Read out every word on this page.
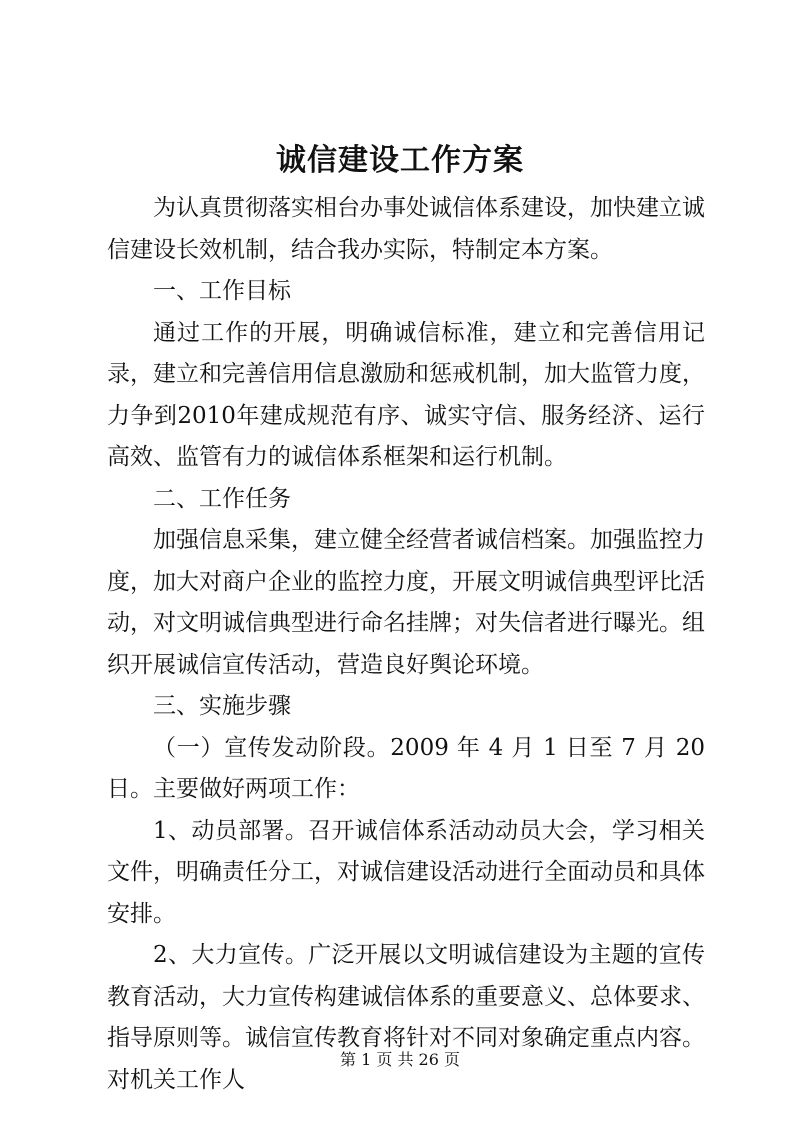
诚信建设工作方案

为认真贯彻落实相台办事处诚信体系建设，加快建立诚信建设长效机制，结合我办实际，特制定本方案。

一、工作目标

通过工作的开展，明确诚信标准，建立和完善信用记录，建立和完善信用信息激励和惩戒机制，加大监管力度，力争到2010年建成规范有序、诚实守信、服务经济、运行高效、监管有力的诚信体系框架和运行机制。

二、工作任务

加强信息采集，建立健全经营者诚信档案。加强监控力度，加大对商户企业的监控力度，开展文明诚信典型评比活动，对文明诚信典型进行命名挂牌；对失信者进行曝光。组织开展诚信宣传活动，营造良好舆论环境。

三、实施步骤

（一）宣传发动阶段。2009 年 4 月 1 日至 7 月 20 日。主要做好两项工作：

1、动员部署。召开诚信体系活动动员大会，学习相关文件，明确责任分工，对诚信建设活动进行全面动员和具体安排。

2、大力宣传。广泛开展以文明诚信建设为主题的宣传教育活动，大力宣传构建诚信体系的重要意义、总体要求、指导原则等。诚信宣传教育将针对不同对象确定重点内容。对机关工作人

第 1 页 共 26 页
